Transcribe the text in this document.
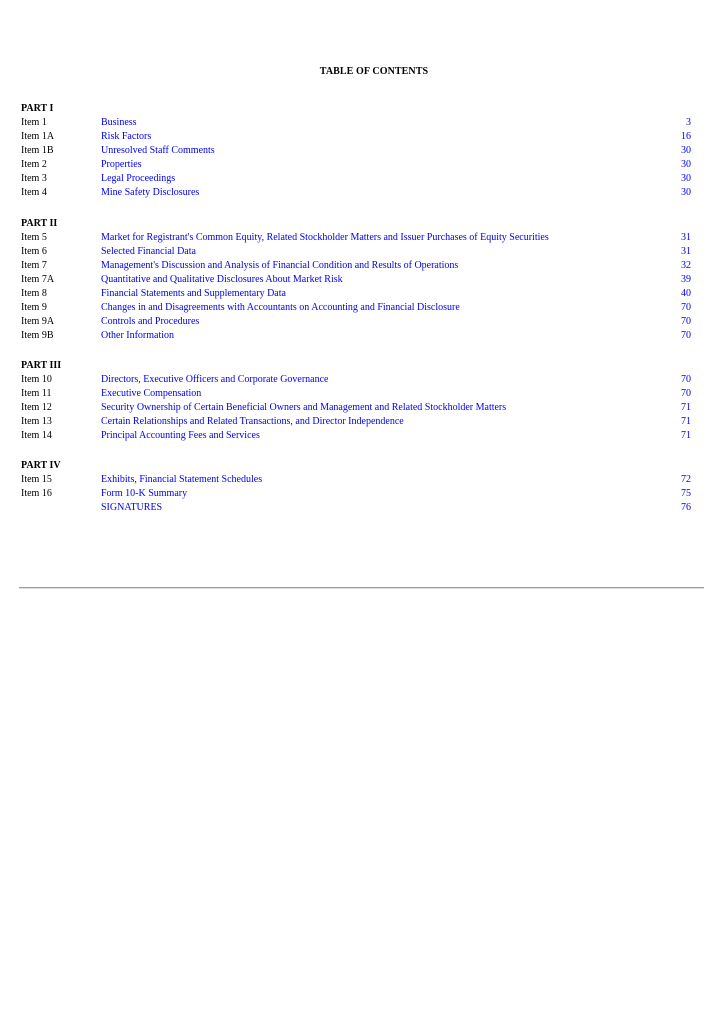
TABLE OF CONTENTS
PART I
Item 1	Business	3
Item 1A	Risk Factors	16
Item 1B	Unresolved Staff Comments	30
Item 2	Properties	30
Item 3	Legal Proceedings	30
Item 4	Mine Safety Disclosures	30
PART II
Item 5	Market for Registrant's Common Equity, Related Stockholder Matters and Issuer Purchases of Equity Securities	31
Item 6	Selected Financial Data	31
Item 7	Management's Discussion and Analysis of Financial Condition and Results of Operations	32
Item 7A	Quantitative and Qualitative Disclosures About Market Risk	39
Item 8	Financial Statements and Supplementary Data	40
Item 9	Changes in and Disagreements with Accountants on Accounting and Financial Disclosure	70
Item 9A	Controls and Procedures	70
Item 9B	Other Information	70
PART III
Item 10	Directors, Executive Officers and Corporate Governance	70
Item 11	Executive Compensation	70
Item 12	Security Ownership of Certain Beneficial Owners and Management and Related Stockholder Matters	71
Item 13	Certain Relationships and Related Transactions, and Director Independence	71
Item 14	Principal Accounting Fees and Services	71
PART IV
Item 15	Exhibits, Financial Statement Schedules	72
Item 16	Form 10-K Summary	75
SIGNATURES	76
